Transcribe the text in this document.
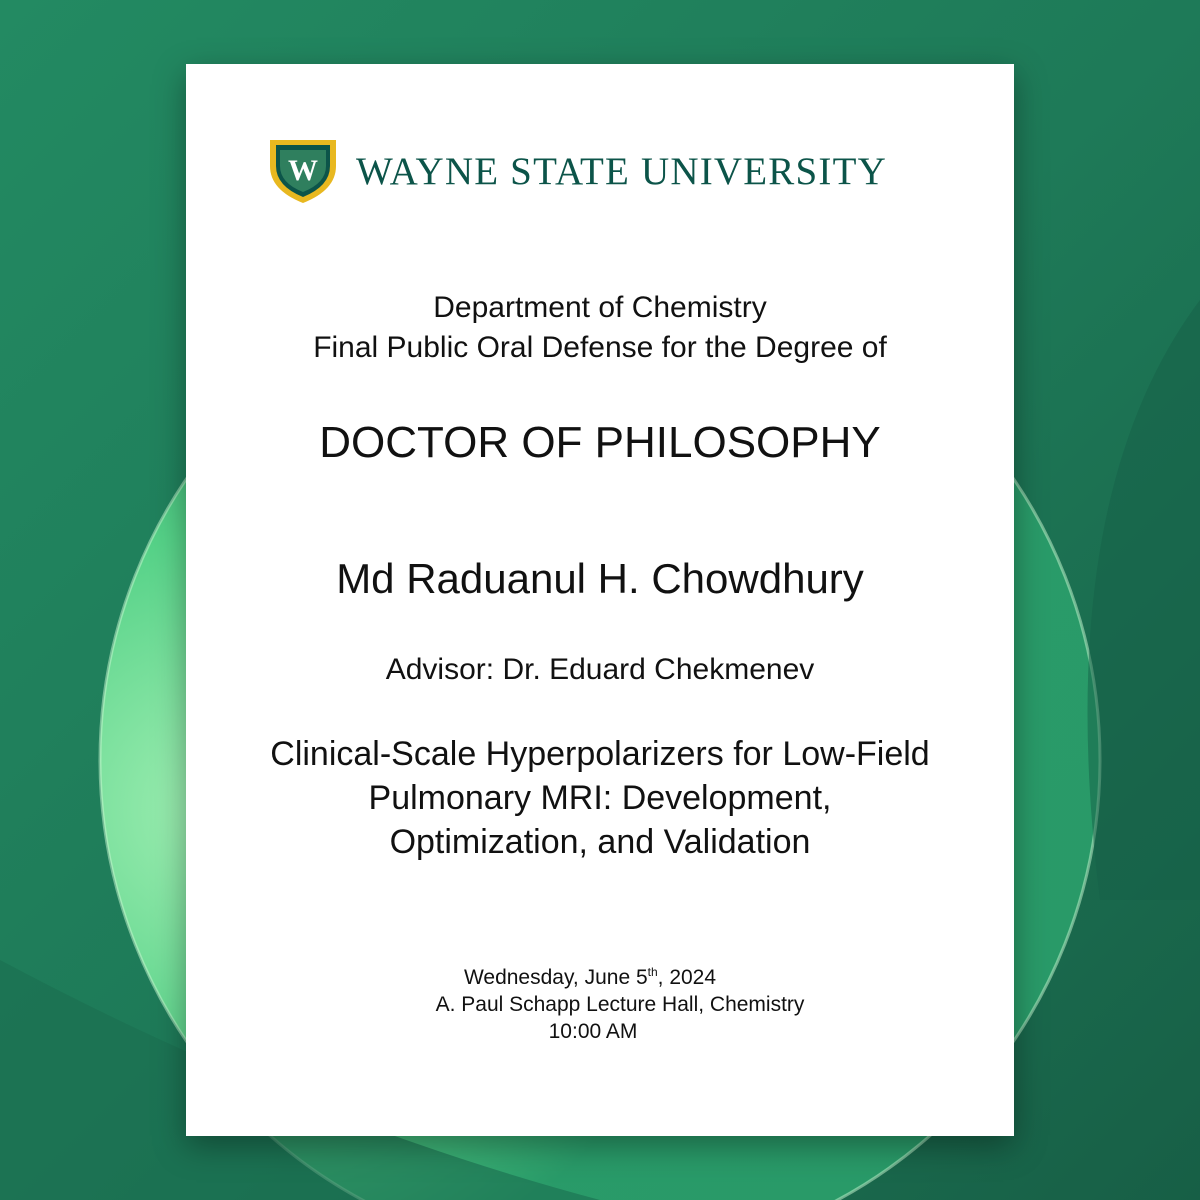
W WAYNE STATE UNIVERSITY
Department of Chemistry
Final Public Oral Defense for the Degree of
DOCTOR OF PHILOSOPHY
Md Raduanul H. Chowdhury
Advisor: Dr. Eduard Chekmenev
Clinical-Scale Hyperpolarizers for Low-Field
Pulmonary MRI: Development,
Optimization, and Validation
Wednesday, June 5th, 2024
A. Paul Schapp Lecture Hall, Chemistry
10:00 AM
